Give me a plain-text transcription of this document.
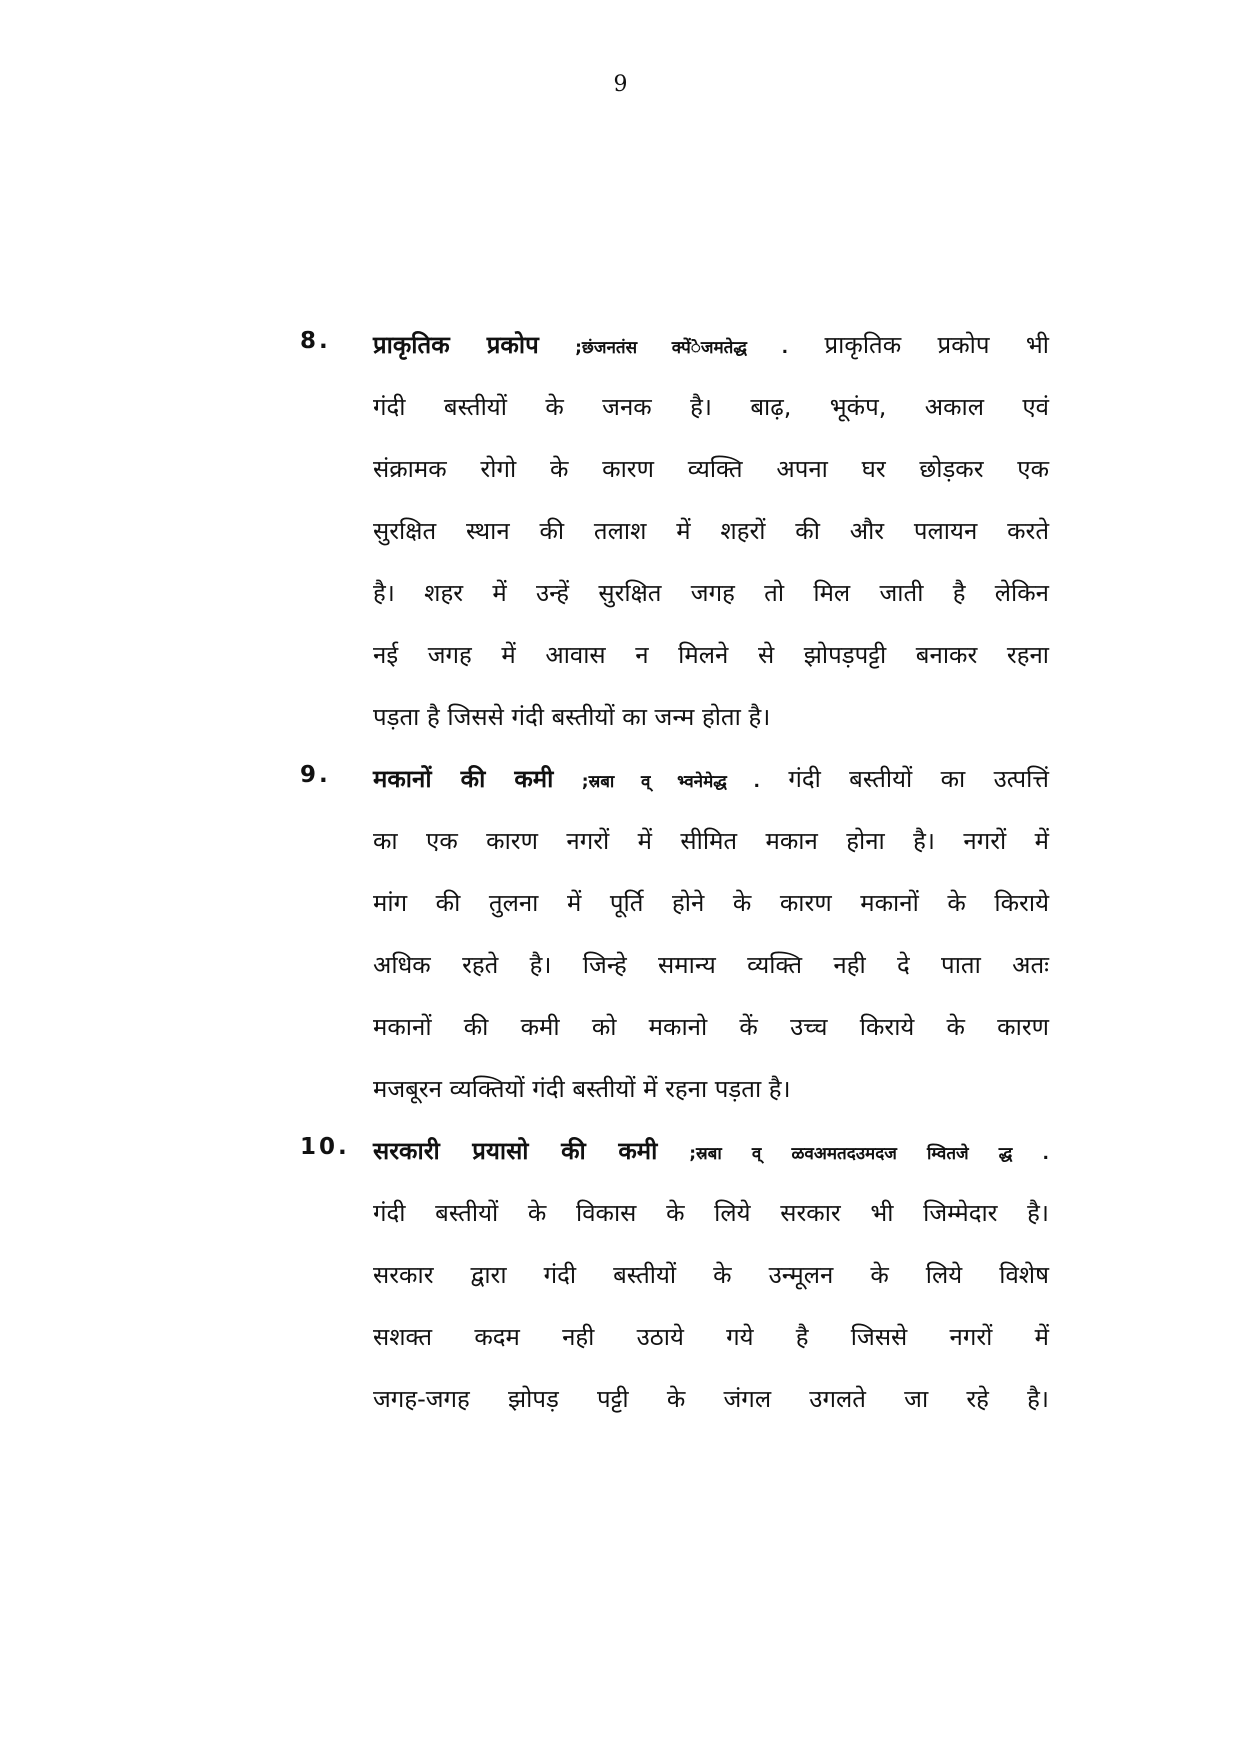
9
8. प्राकृतिक प्रकोप ;छंजनतंस क्पेंेजमतेद्ध . प्राकृतिक प्रकोप भी
गंदी बस्तीयों के जनक है। बाढ़, भूकंप, अकाल एवं
संक्रामक रोगो के कारण व्यक्ति अपना घर छोड़कर एक
सुरक्षित स्थान की तलाश में शहरों की और पलायन करते
है। शहर में उन्हें सुरक्षित जगह तो मिल जाती है लेकिन
नई जगह में आवास न मिलने से झोपड़पट्टी बनाकर रहना
पड़ता है जिससे गंदी बस्तीयों का जन्म होता है।
9. मकानों की कमी ;स्रबा व् भ्वनेमेद्ध . गंदी बस्तीयों का उत्पत्तिं
का एक कारण नगरों में सीमित मकान होना है। नगरों में
मांग की तुलना में पूर्ति होने के कारण मकानों के किराये
अधिक रहते है। जिन्हे समान्य व्यक्ति नही दे पाता अतः
मकानों की कमी को मकानो कें उच्च किराये के कारण
मजबूरन व्यक्तियों गंदी बस्तीयों में रहना पड़ता है।
10. सरकारी प्रयासो की कमी ;स्रबा व् ळवअमतदउमदज म्वितजे द्ध .
गंदी बस्तीयों के विकास के लिये सरकार भी जिम्मेदार है।
सरकार द्वारा गंदी बस्तीयों के उन्मूलन के लिये विशेष
सशक्त कदम नही उठाये गये है जिससे नगरों में
जगह-जगह झोपड़ पट्टी के जंगल उगलते जा रहे है।
